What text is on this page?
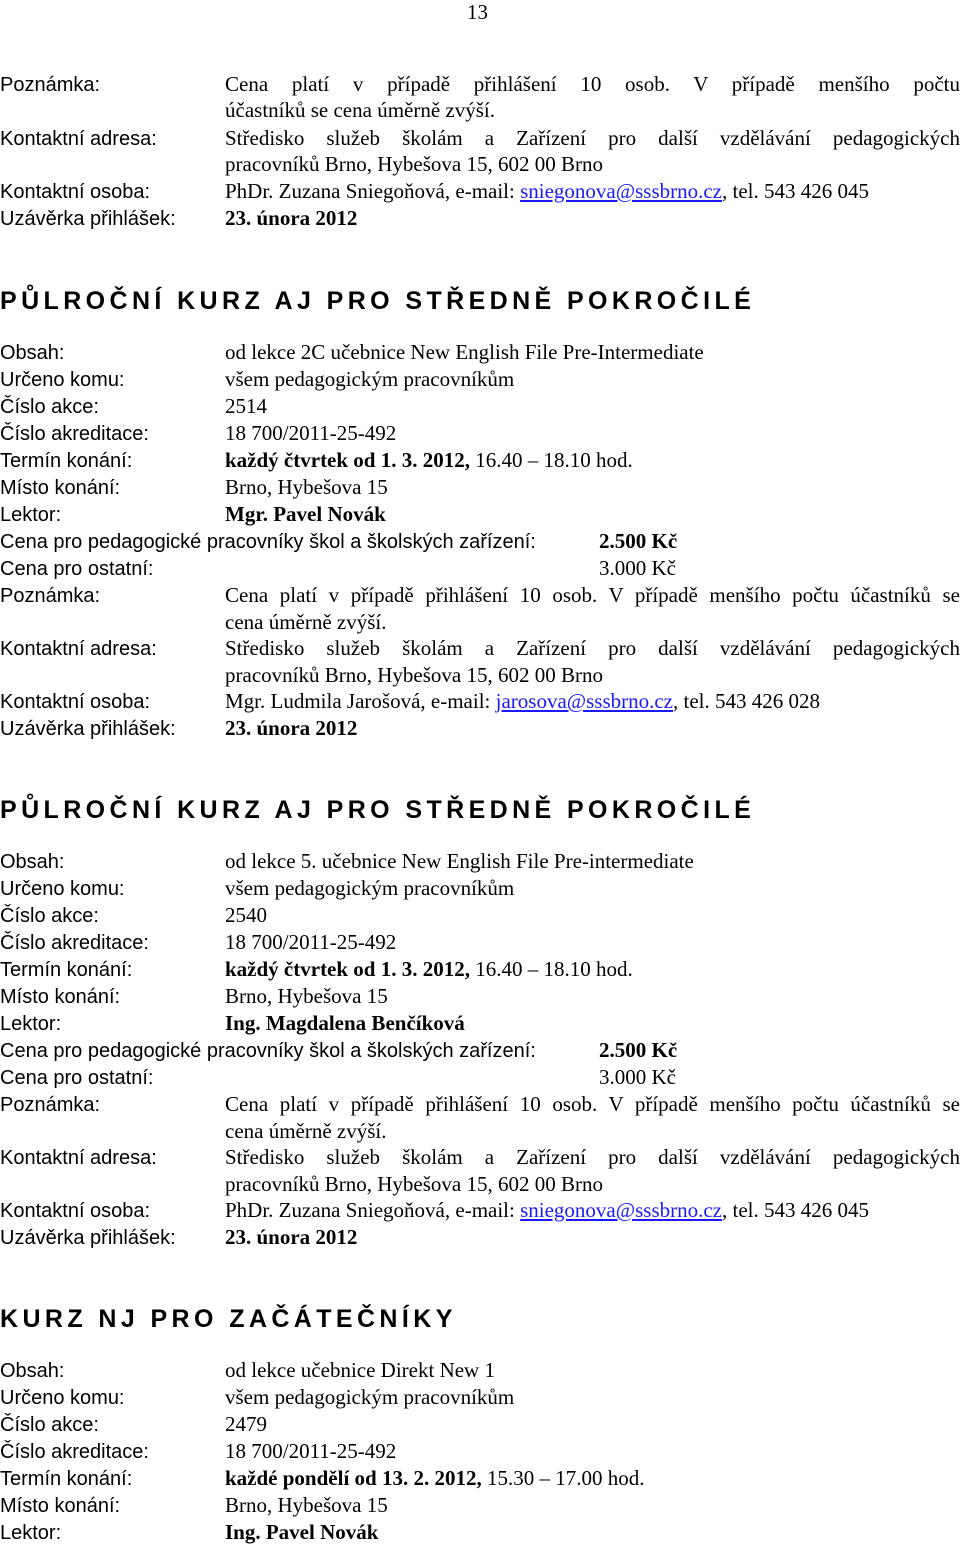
13
Poznámka:	Cena platí v případě přihlášení 10 osob. V případě menšího počtu
účastníků se cena úměrně zvýší.
Kontaktní adresa:	Středisko služeb školám a Zařízení pro další vzdělávání pedagogických
pracovníků Brno, Hybešova 15, 602 00 Brno
Kontaktní osoba:	PhDr. Zuzana Sniegoňová, e-mail: sniegonova@sssbrno.cz, tel. 543 426 045
Uzávěrka přihlášek: 23. února 2012
PŮLROČNÍ KURZ AJ PRO STŘEDNĚ POKROČILÉ
Obsah:	od lekce 2C učebnice New English File Pre-Intermediate
Určeno komu:	všem pedagogickým pracovníkům
Číslo akce:	2514
Číslo akreditace:	18 700/2011-25-492
Termín konání:	každý čtvrtek od 1. 3. 2012, 16.40 – 18.10 hod.
Místo konání:	Brno, Hybešova 15
Lektor:	Mgr. Pavel Novák
Cena pro pedagogické pracovníky škol a školských zařízení:	2.500 Kč
Cena pro ostatní:	3.000 Kč
Poznámka:	Cena platí v případě přihlášení 10 osob. V případě menšího počtu účastníků se
cena úměrně zvýší.
Kontaktní adresa:	Středisko služeb školám a Zařízení pro další vzdělávání pedagogických
pracovníků Brno, Hybešova 15, 602 00 Brno
Kontaktní osoba:	Mgr. Ludmila Jarošová, e-mail: jarosova@sssbrno.cz, tel. 543 426 028
Uzávěrka přihlášek: 23. února 2012
PŮLROČNÍ KURZ AJ PRO STŘEDNĚ POKROČILÉ
Obsah:	od lekce 5. učebnice New English File Pre-intermediate
Určeno komu:	všem pedagogickým pracovníkům
Číslo akce:	2540
Číslo akreditace:	18 700/2011-25-492
Termín konání:	každý čtvrtek od 1. 3. 2012, 16.40 – 18.10 hod.
Místo konání:	Brno, Hybešova 15
Lektor:	Ing. Magdalena Benčíková
Cena pro pedagogické pracovníky škol a školských zařízení:	2.500 Kč
Cena pro ostatní:	3.000 Kč
Poznámka:	Cena platí v případě přihlášení 10 osob. V případě menšího počtu účastníků se
cena úměrně zvýší.
Kontaktní adresa:	Středisko služeb školám a Zařízení pro další vzdělávání pedagogických
pracovníků Brno, Hybešova 15, 602 00 Brno
Kontaktní osoba:	PhDr. Zuzana Sniegoňová, e-mail: sniegonova@sssbrno.cz, tel. 543 426 045
Uzávěrka přihlášek: 23. února 2012
KURZ NJ PRO ZAČÁTEČNÍKY
Obsah:	od lekce učebnice Direkt New 1
Určeno komu:	všem pedagogickým pracovníkům
Číslo akce:	2479
Číslo akreditace:	18 700/2011-25-492
Termín konání:	každé pondělí od 13. 2. 2012, 15.30 – 17.00 hod.
Místo konání:	Brno, Hybešova 15
Lektor:	Ing. Pavel Novák
